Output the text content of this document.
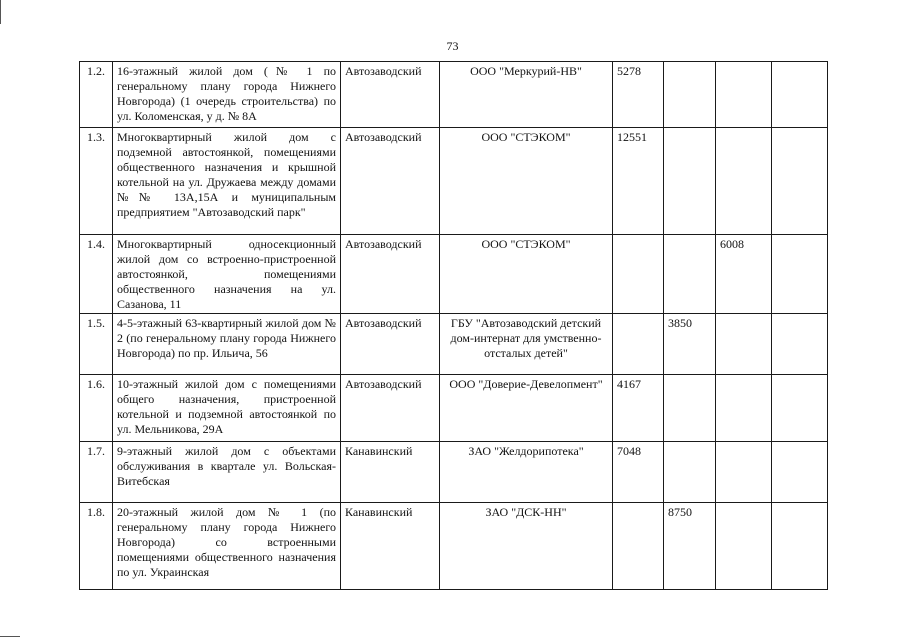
73
1.2.	16-этажный жилой дом (№ 1 по генеральному плану города Нижнего Новгорода) (1 очередь строительства) по ул. Коломенская, у д. № 8А	Автозаводский	ООО "Меркурий-НВ"	5278			
1.3.	Многоквартирный жилой дом с подземной автостоянкой, помещениями общественного назначения и крышной котельной на ул. Дружаева между домами №№ 13А,15А и муниципальным предприятием "Автозаводский парк"	Автозаводский	ООО "СТЭКОМ"	12551			
1.4.	Многоквартирный односекционный жилой дом со встроенно-пристроенной автостоянкой, помещениями общественного назначения на ул. Сазанова, 11	Автозаводский	ООО "СТЭКОМ"			6008	
1.5.	4-5-этажный 63-квартирный жилой дом № 2 (по генеральному плану города Нижнего Новгорода) по пр. Ильича, 56	Автозаводский	ГБУ "Автозаводский детский дом-интернат для умственно-отсталых детей"		3850		
1.6.	10-этажный жилой дом с помещениями общего назначения, пристроенной котельной и подземной автостоянкой по ул. Мельникова, 29А	Автозаводский	ООО "Доверие-Девелопмент"	4167			
1.7.	9-этажный жилой дом с объектами обслуживания в квартале ул. Вольская-Витебская	Канавинский	ЗАО "Желдорипотека"	7048			
1.8.	20-этажный жилой дом № 1 (по генеральному плану города Нижнего Новгорода) со встроенными помещениями общественного назначения по ул. Украинская	Канавинский	ЗАО "ДСК-НН"		8750		
